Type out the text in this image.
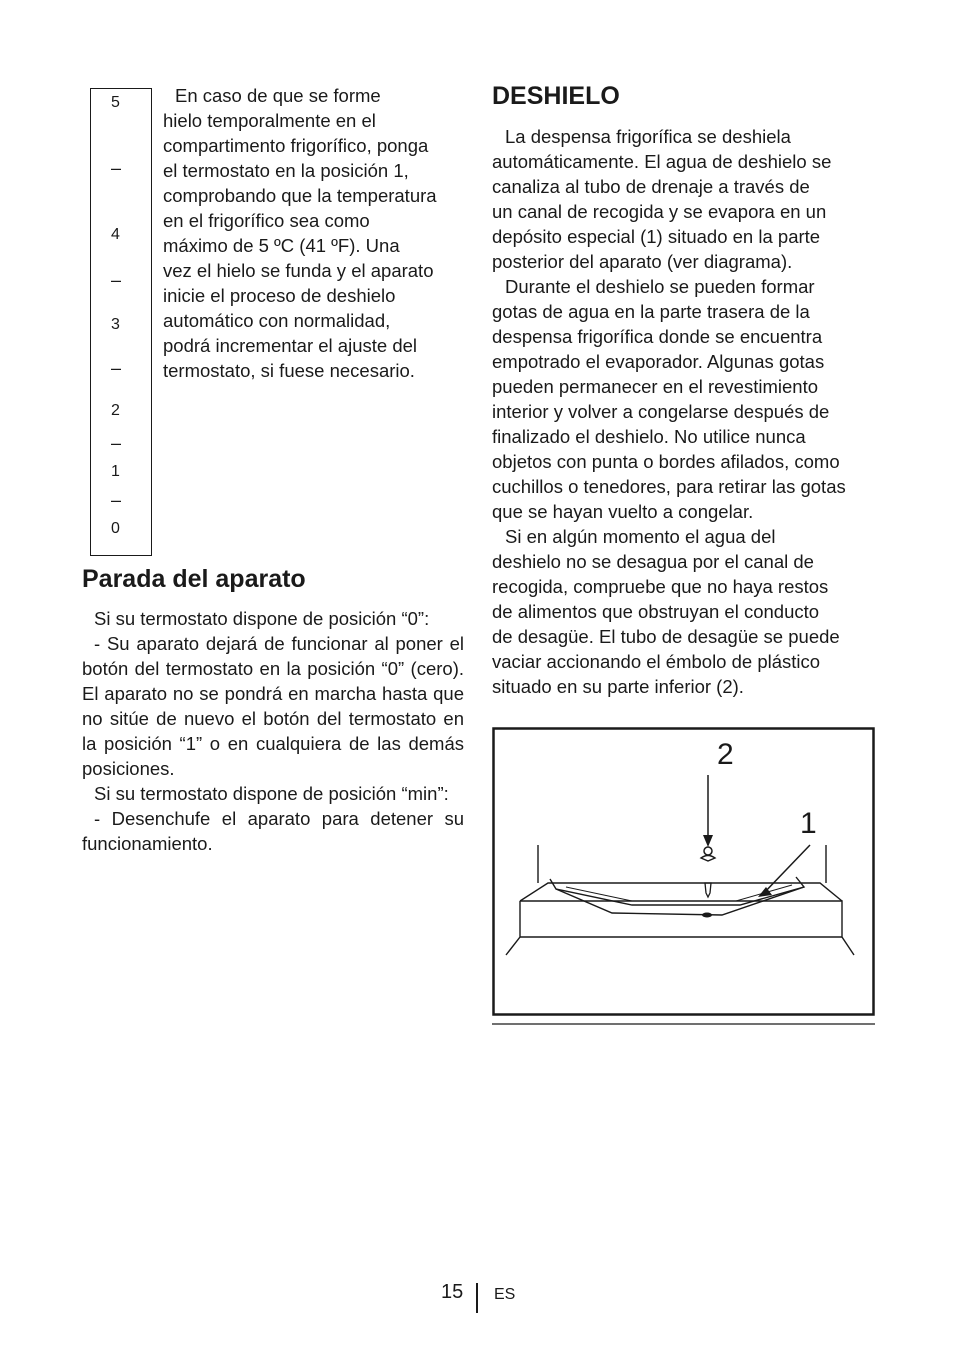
5
–
4
–
3
–
2
–
1
–
0

En caso de que se forme
hielo temporalmente en el
compartimento frigorífico, ponga
el termostato en la posición 1,
comprobando que la temperatura
en el frigorífico sea como
máximo de 5 ºC (41 ºF). Una
vez el hielo se funda y el aparato
inicie el proceso de deshielo
automático con normalidad,
podrá incrementar el ajuste del
termostato, si fuese necesario.

Parada del aparato

Si su termostato dispone de posición “0”:

- Su aparato dejará de funcionar al poner el botón del termostato en la posición “0” (cero). El aparato no se pondrá en marcha hasta que no sitúe de nuevo el botón del termostato en la posición “1” o en cualquiera de las demás posiciones.

Si su termostato dispone de posición “min”:

- Desenchufe el aparato para detener su funcionamiento.

DESHIELO
La despensa frigorífica se deshiela
automáticamente. El agua de deshielo se
canaliza al tubo de drenaje a través de
un canal de recogida y se evapora en un
depósito especial (1) situado en la parte
posterior del aparato (ver diagrama).
Durante el deshielo se pueden formar
gotas de agua en la parte trasera de la
despensa frigorífica donde se encuentra
empotrado el evaporador. Algunas gotas
pueden permanecer en el revestimiento
interior y volver a congelarse después de
finalizado el deshielo. No utilice nunca
objetos con punta o bordes afilados, como
cuchillos o tenedores, para retirar las gotas
que se hayan vuelto a congelar.
Si en algún momento el agua del
deshielo no se desagua por el canal de
recogida, compruebe que no haya restos
de alimentos que obstruyan el conducto
de desagüe. El tubo de desagüe se puede
vaciar accionando el émbolo de plástico
situado en su parte inferior (2).
2
1
15 ES
